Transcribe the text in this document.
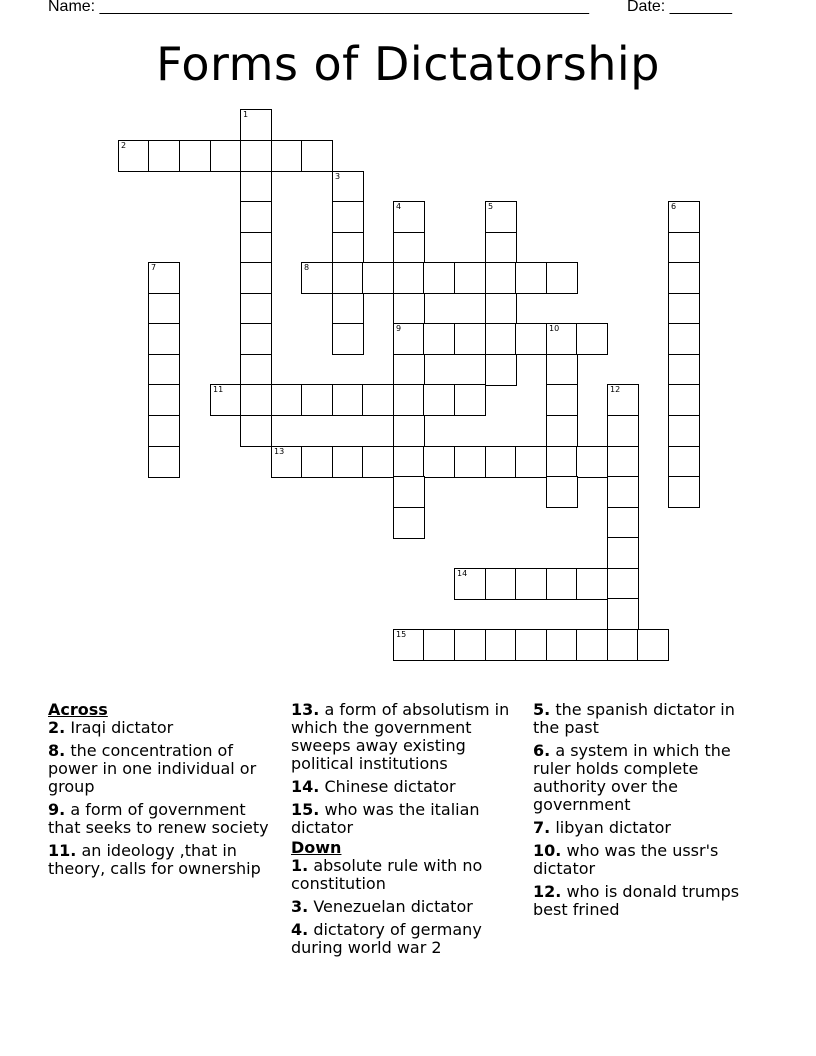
Name: _______________________________________________________ Date: _______
Forms of Dictatorship
1
2
3
4	5	6
7	8
9	10
11	12
13
14
15

Across

2. Iraqi dictator

8. the concentration of power in one individual or group

9. a form of government that seeks to renew society

11. an ideology ,that in theory, calls for ownership

13. a form of absolutism in which the government sweeps away existing political institutions

14. Chinese dictator

15. who was the italian dictator

Down

1. absolute rule with no constitution

3. Venezuelan dictator

4. dictatory of germany during world war 2

5. the spanish dictator in the past

6. a system in which the ruler holds complete authority over the government

7. libyan dictator

10. who was the ussr's dictator

12. who is donald trumps best frined
